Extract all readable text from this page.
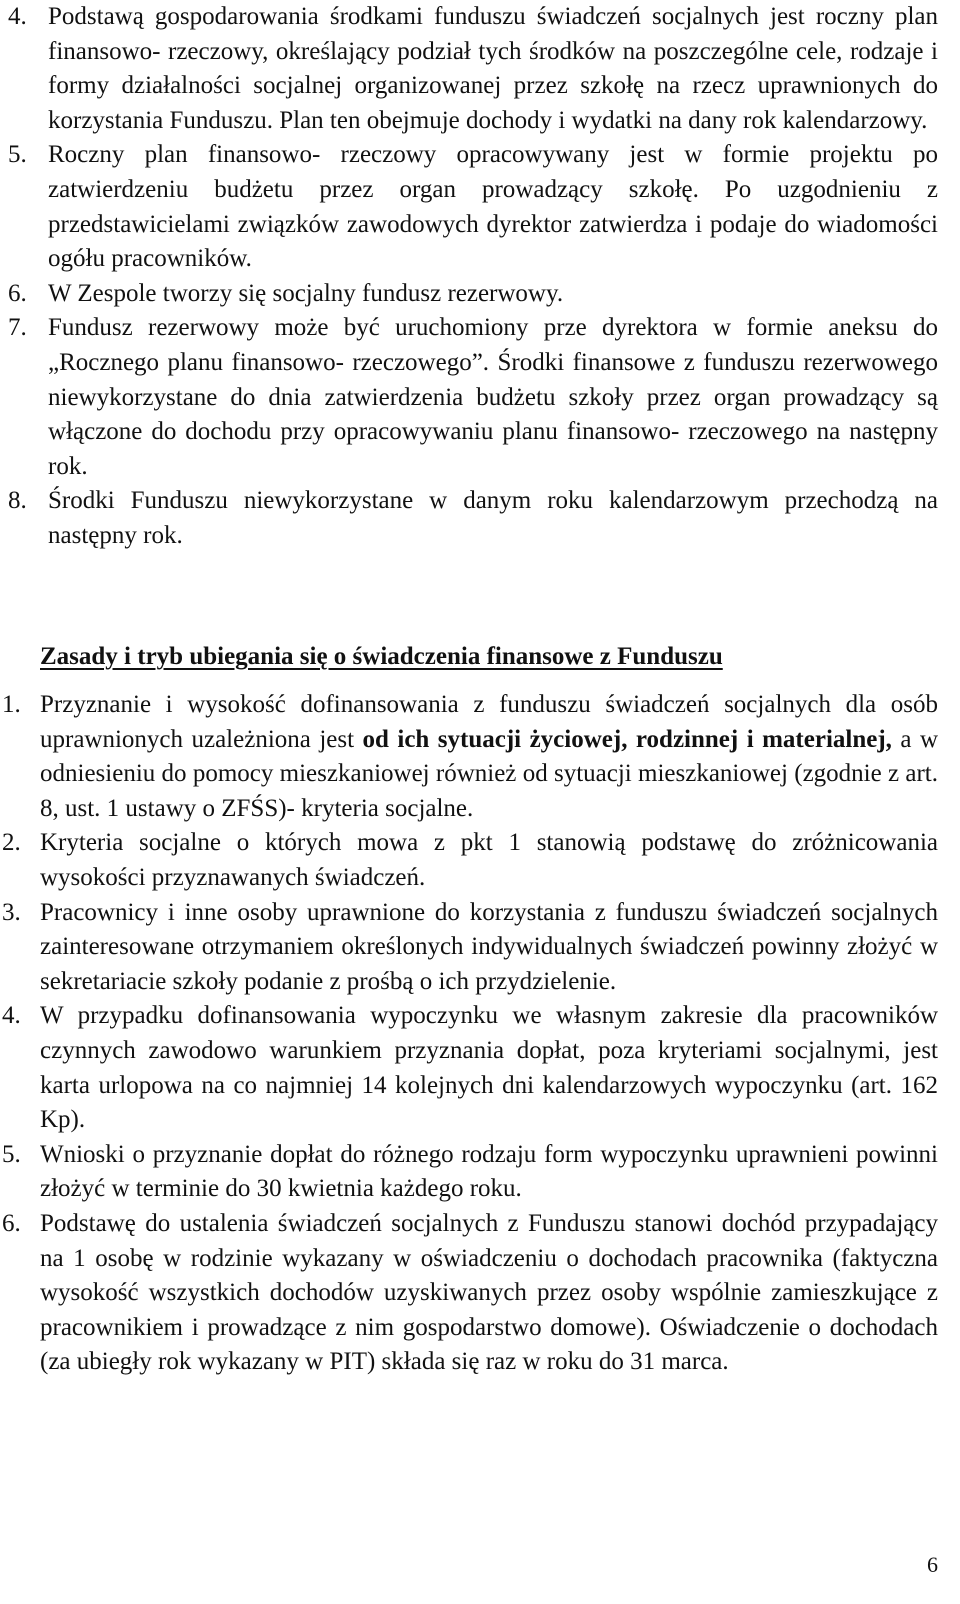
4. Podstawą gospodarowania środkami funduszu świadczeń socjalnych jest roczny plan finansowo- rzeczowy, określający podział tych środków na poszczególne cele, rodzaje i formy działalności socjalnej organizowanej przez szkołę na rzecz uprawnionych do korzystania Funduszu. Plan ten obejmuje dochody i wydatki na dany rok kalendarzowy.
5. Roczny plan finansowo- rzeczowy opracowywany jest w formie projektu po zatwierdzeniu budżetu przez organ prowadzący szkołę. Po uzgodnieniu z przedstawicielami związków zawodowych dyrektor zatwierdza i podaje do wiadomości ogółu pracowników.
6. W Zespole tworzy się socjalny fundusz rezerwowy.
7. Fundusz rezerwowy może być uruchomiony prze dyrektora w formie aneksu do „Rocznego planu finansowo- rzeczowego”. Środki finansowe z funduszu rezerwowego niewykorzystane do dnia zatwierdzenia budżetu szkoły przez organ prowadzący są włączone do dochodu przy opracowywaniu planu finansowo- rzeczowego na następny rok.
8. Środki Funduszu niewykorzystane w danym roku kalendarzowym przechodzą na następny rok.
Zasady i tryb ubiegania się o świadczenia finansowe z Funduszu
1. Przyznanie i wysokość dofinansowania z funduszu świadczeń socjalnych dla osób uprawnionych uzależniona jest od ich sytuacji życiowej, rodzinnej i materialnej, a w odniesieniu do pomocy mieszkaniowej również od sytuacji mieszkaniowej (zgodnie z art. 8, ust. 1 ustawy o ZFŚS)- kryteria socjalne.
2. Kryteria socjalne o których mowa z pkt 1 stanowią podstawę do zróżnicowania wysokości przyznawanych świadczeń.
3. Pracownicy i inne osoby uprawnione do korzystania z funduszu świadczeń socjalnych zainteresowane otrzymaniem określonych indywidualnych świadczeń powinny złożyć w sekretariacie szkoły podanie z prośbą o ich przydzielenie.
4. W przypadku dofinansowania wypoczynku we własnym zakresie dla pracowników czynnych zawodowo warunkiem przyznania dopłat, poza kryteriami socjalnymi, jest karta urlopowa na co najmniej 14 kolejnych dni kalendarzowych wypoczynku (art. 162 Kp).
5. Wnioski o przyznanie dopłat do różnego rodzaju form wypoczynku uprawnieni powinni złożyć w terminie do 30 kwietnia każdego roku.
6. Podstawę do ustalenia świadczeń socjalnych z Funduszu stanowi dochód przypadający na 1 osobę w rodzinie wykazany w oświadczeniu o dochodach pracownika (faktyczna wysokość wszystkich dochodów uzyskiwanych przez osoby wspólnie zamieszkujące z pracownikiem i prowadzące z nim gospodarstwo domowe). Oświadczenie o dochodach (za ubiegły rok wykazany w PIT) składa się raz w roku do 31 marca.
6
